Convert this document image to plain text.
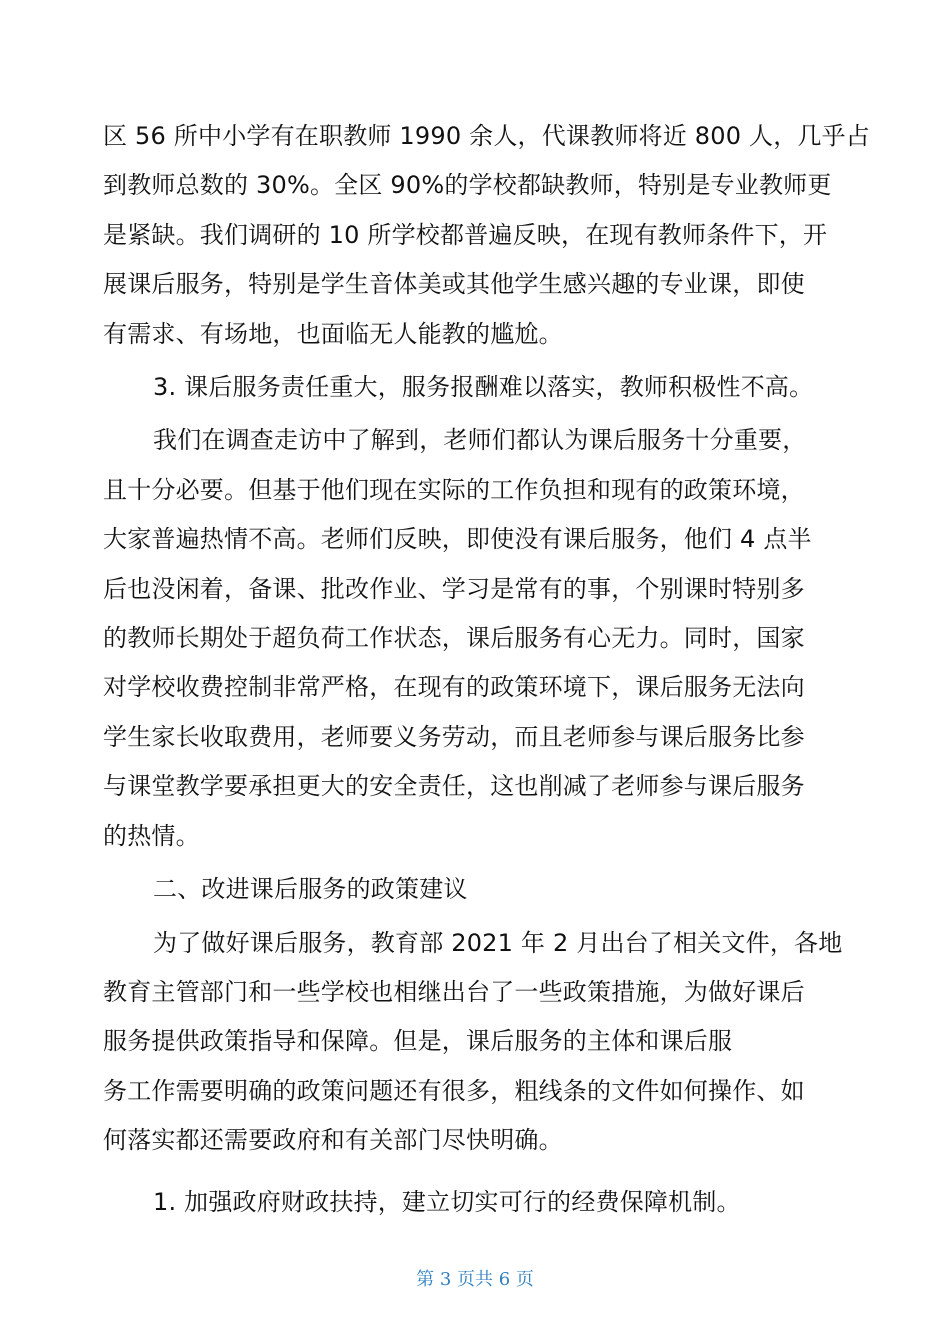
区 56 所中小学有在职教师 1990 余人，代课教师将近 800 人，几乎占
到教师总数的 30%。全区 90%的学校都缺教师，特别是专业教师更
是紧缺。我们调研的 10 所学校都普遍反映，在现有教师条件下，开
展课后服务，特别是学生音体美或其他学生感兴趣的专业课，即使
有需求、有场地，也面临无人能教的尴尬。

3. 课后服务责任重大，服务报酬难以落实，教师积极性不高。

我们在调查走访中了解到，老师们都认为课后服务十分重要，
且十分必要。但基于他们现在实际的工作负担和现有的政策环境，
大家普遍热情不高。老师们反映，即使没有课后服务，他们 4 点半
后也没闲着，备课、批改作业、学习是常有的事，个别课时特别多
的教师长期处于超负荷工作状态，课后服务有心无力。同时，国家
对学校收费控制非常严格，在现有的政策环境下，课后服务无法向
学生家长收取费用，老师要义务劳动，而且老师参与课后服务比参
与课堂教学要承担更大的安全责任，这也削减了老师参与课后服务
的热情。

二、改进课后服务的政策建议

为了做好课后服务，教育部 2021 年 2 月出台了相关文件，各地
教育主管部门和一些学校也相继出台了一些政策措施，为做好课后
服务提供政策指导和保障。但是，课后服务的主体和课后服
务工作需要明确的政策问题还有很多，粗线条的文件如何操作、如
何落实都还需要政府和有关部门尽快明确。

1. 加强政府财政扶持，建立切实可行的经费保障机制。

第 3 页共 6 页
